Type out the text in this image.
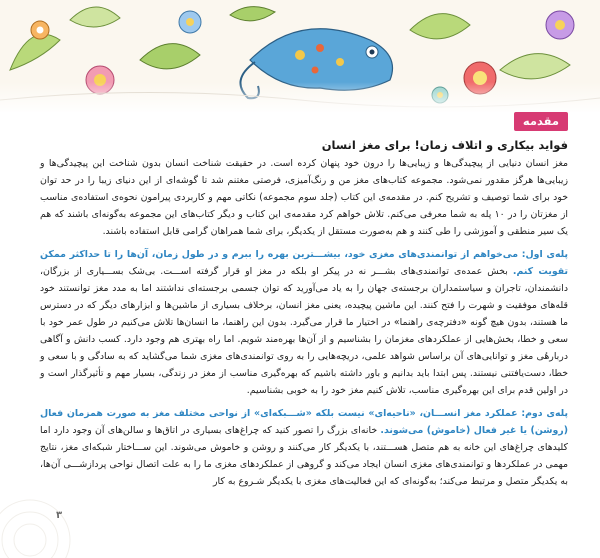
مقدمه
فواید بیکاری و اتلاف زمان! برای مغز انسان

مغز انسان دنیایی از پیچیدگی‌ها و زیبایی‌ها را درون خود پنهان کرده است. در حقیقت شناخت انسان بدون شناخت این پیچیدگی‌ها و زیبایی‌ها هرگز مقدور نمی‌شود. مجموعه کتاب‌های مغز من و رنگ‌آمیزی، فرصتی مغتنم شد تا گوشه‌ای از این دنیای زیبا را در حد توان خود برای شما توصیف و تشریح کنم. در مقدمه‌ی این کتاب (جلد سوم مجموعه) نکاتی مهم و کاربردی پیرامون نحوه‌ی استفاده‌ی مناسب از مغزتان را در ۱۰ پله به شما معرفی می‌کنم. تلاش خواهم کرد مقدمه‌ی این کتاب و دیگر کتاب‌های این مجموعه به‌گونه‌ای باشند که هم یک سیر منطقی و آموزشی را طی کنند و هم به‌صورت مستقل از یکدیگر، برای شما همراهان گرامی قابل استفاده باشند.

پله‌ی اول: می‌خواهم از توانمندی‌های مغزی خود، بیشـــترین بهره را ببرم و در طول زمان، آن‌ها را تا حداکثر ممکن تقویت کنم. بخش عمده‌ی توانمندی‌های بشـــر نه در پیکر او بلکه در مغز او قرار گرفته اســـت. بی‌شک بســـیاری از بزرگان، دانشمندان، تاجران و سیاستمداران برجسته‌ی جهان را به یاد می‌آورید که توان جسمی برجسته‌ای نداشتند اما به مدد مغز توانستند خود قله‌های موفقیت و شهرت را فتح کنند. این ماشین پیچیده، یعنی مغز انسان، برخلاف بسیاری از ماشین‌ها و ابزارهای دیگر که در دسترس ما هستند، بدون هیچ گونه «دفترچه‌ی راهنما» در اختیار ما قرار می‌گیرد. بدون این راهنما، ما انسان‌ها تلاش می‌کنیم در طول عمر خود با سعی و خطا، بخش‌هایی از عملکردهای مغزمان را بشناسیم و از آن‌ها بهره‌مند شویم. اما راه بهتری هم وجود دارد. کسب دانش و آگاهی دربارهٔی مغز و توانایی‌های آن براساس شواهد علمی، دریچه‌هایی را به روی توانمندی‌های مغزی شما می‌گشاید که به سادگی و با سعی و خطا، دست‌یافتنی نیستند. پس ابتدا باید بدانیم و باور داشته باشیم که بهره‌گیری مناسب از مغز در زندگی، بسیار مهم و تأثیرگذار است و در اولین قدم برای این بهره‌گیری مناسب، تلاش کنیم مغز خود را به خوبی بشناسیم.

پله‌ی دوم: عملکرد مغز انســـان، «ناحیه‌ای» نیست بلکه «شـــبکه‌ای» از نواحی مختلف مغز به صورت همزمان فعال (روشن) یا غیر فعال (خاموش) می‌شوند. خانه‌ای بزرگ را تصور کنید که چراغ‌های بسیاری در اتاق‌ها و سالن‌های آن وجود دارد اما کلیدهای چراغ‌های این خانه به هم متصل هســـتند، با یکدیگر کار می‌کنند و روشن و خاموش می‌شوند. این ســـاختار شبکه‌ای مغز، نتایج مهمی در عملکردها و توانمندی‌های مغزی انسان ایجاد می‌کند و گروهی از عملکردهای مغزی ما را به علت اتصال نواحی پردازشـــی آن‌ها، به یکدیگر متصل و مرتبط می‌کند؛ به‌گونه‌ای که این فعالیت‌های مغزی با یکدیگر شـروع به کار

۳
